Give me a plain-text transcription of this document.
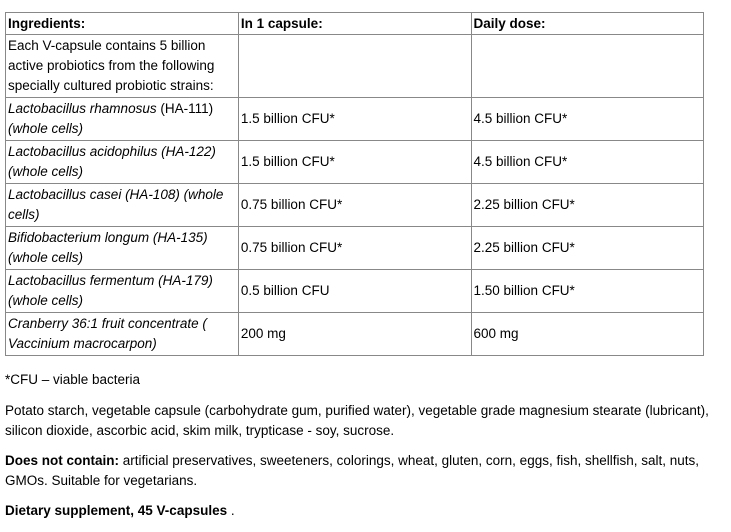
Ingredients:	In 1 capsule:	Daily dose:
Each V-capsule contains 5 billion active probiotics from the following specially cultured probiotic strains:		
Lactobacillus rhamnosus (HA-111)
(whole cells)	1.5 billion CFU*	4.5 billion CFU*
Lactobacillus acidophilus (HA-122)
(whole cells)	1.5 billion CFU*	4.5 billion CFU*
Lactobacillus casei (HA-108) (whole
cells)	0.75 billion CFU*	2.25 billion CFU*
Bifidobacterium longum (HA-135)
(whole cells)	0.75 billion CFU*	2.25 billion CFU*
Lactobacillus fermentum (HA-179)
(whole cells)	0.5 billion CFU	1.50 billion CFU*
Cranberry 36:1 fruit concentrate (
Vaccinium macrocarpon)	200 mg	600 mg
*CFU – viable bacteria
Potato starch, vegetable capsule (carbohydrate gum, purified water), vegetable grade magnesium stearate (lubricant), silicon dioxide, ascorbic acid, skim milk, trypticase - soy, sucrose.
Does not contain: artificial preservatives, sweeteners, colorings, wheat, gluten, corn, eggs, fish, shellfish, salt, nuts, GMOs. Suitable for vegetarians.
Dietary supplement, 45 V-capsules .
